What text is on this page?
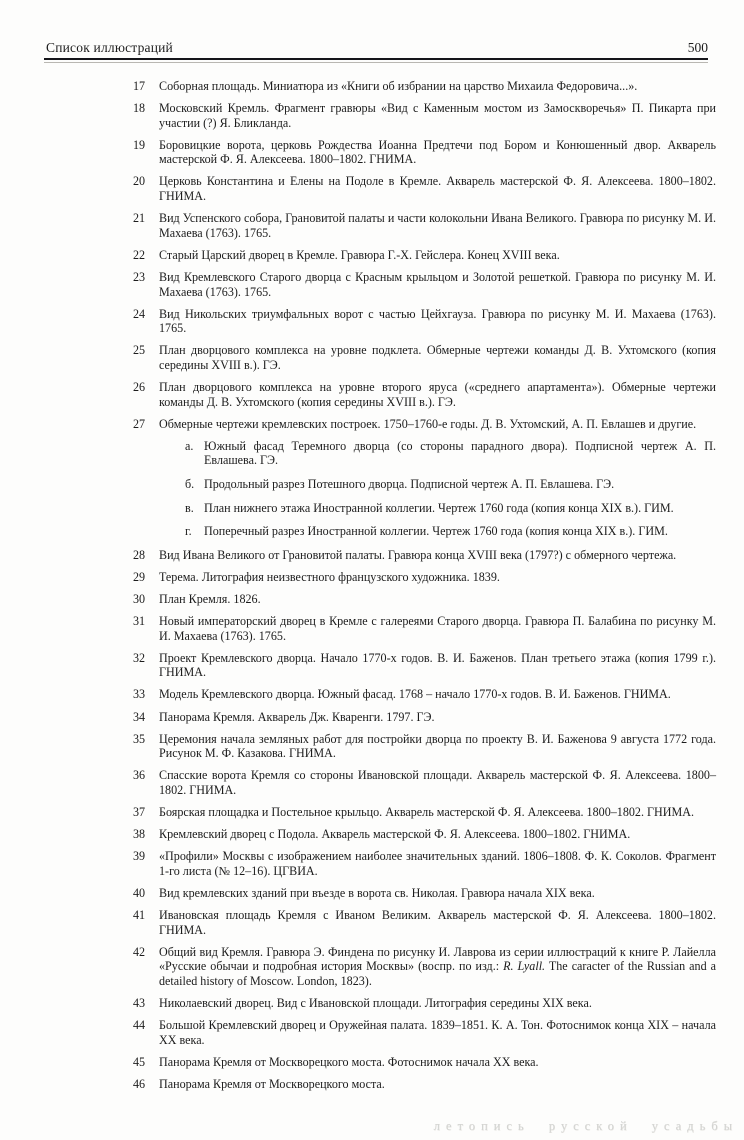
Список иллюстраций	500
17	Соборная площадь. Миниатюра из «Книги об избрании на царство Михаила Федоровича...».
18	Московский Кремль. Фрагмент гравюры «Вид с Каменным мостом из Замоскворечья» П. Пикарта при участии (?) Я. Бликланда.
19	Боровицкие ворота, церковь Рождества Иоанна Предтечи под Бором и Конюшенный двор. Акварель мастерской Ф. Я. Алексеева. 1800–1802. ГНИМА.
20	Церковь Константина и Елены на Подоле в Кремле. Акварель мастерской Ф. Я. Алексеева. 1800–1802. ГНИМА.
21	Вид Успенского собора, Грановитой палаты и части колокольни Ивана Великого. Гравюра по рисунку М. И. Махаева (1763). 1765.
22	Старый Царский дворец в Кремле. Гравюра Г.-Х. Гейслера. Конец XVIII века.
23	Вид Кремлевского Старого дворца с Красным крыльцом и Золотой решеткой. Гравюра по рисунку М. И. Махаева (1763). 1765.
24	Вид Никольских триумфальных ворот с частью Цейхгауза. Гравюра по рисунку М. И. Махаева (1763). 1765.
25	План дворцового комплекса на уровне подклета. Обмерные чертежи команды Д. В. Ухтомского (копия середины XVIII в.). ГЭ.
26	План дворцового комплекса на уровне второго яруса («среднего апартамента»). Обмерные чертежи команды Д. В. Ухтомского (копия середины XVIII в.). ГЭ.
27	Обмерные чертежи кремлевских построек. 1750–1760-е годы. Д. В. Ухтомский, А. П. Евлашев и другие.
а. Южный фасад Теремного дворца (со стороны парадного двора). Подписной чертеж А. П. Евлашева. ГЭ.
б. Продольный разрез Потешного дворца. Подписной чертеж А. П. Евлашева. ГЭ.
в. План нижнего этажа Иностранной коллегии. Чертеж 1760 года (копия конца XIX в.). ГИМ.
г.	Поперечный разрез Иностранной коллегии. Чертеж 1760 года (копия конца XIX в.). ГИМ.
28	Вид Ивана Великого от Грановитой палаты. Гравюра конца XVIII века (1797?) с обмерного чертежа.
29	Терема. Литография неизвестного французского художника. 1839.
30	План Кремля. 1826.
31	Новый императорский дворец в Кремле с галереями Старого дворца. Гравюра П. Балабина по рисунку М. И. Махаева (1763). 1765.
32	Проект Кремлевского дворца. Начало 1770-х годов. В. И. Баженов. План третьего этажа (копия 1799 г.). ГНИМА.
33	Модель Кремлевского дворца. Южный фасад. 1768 – начало 1770-х годов. В. И. Баженов. ГНИМА.
34	Панорама Кремля. Акварель Дж. Кваренги. 1797. ГЭ.
35	Церемония начала земляных работ для постройки дворца по проекту В. И. Баженова 9 августа 1772 года. Рисунок М. Ф. Казакова. ГНИМА.
36	Спасские ворота Кремля со стороны Ивановской площади. Акварель мастерской Ф. Я. Алексеева. 1800–1802. ГНИМА.
37	Боярская площадка и Постельное крыльцо. Акварель мастерской Ф. Я. Алексеева. 1800–1802. ГНИМА.
38	Кремлевский дворец с Подола. Акварель мастерской Ф. Я. Алексеева. 1800–1802. ГНИМА.
39	«Профили» Москвы с изображением наиболее значительных зданий. 1806–1808. Ф. К. Соколов. Фрагмент 1-го листа (№ 12–16). ЦГВИА.
40	Вид кремлевских зданий при въезде в ворота св. Николая. Гравюра начала XIX века.
41	Ивановская площадь Кремля с Иваном Великим. Акварель мастерской Ф. Я. Алексеева. 1800–1802. ГНИМА.
42	Общий вид Кремля. Гравюра Э. Финдена по рисунку И. Лаврова из серии иллюстраций к книге Р. Лайелла «Русские обычаи и подробная история Москвы» (воспр. по изд.: R. Lyall. The caracter of the Russian and a detailed history of Moscow. London, 1823).
43	Николаевский дворец. Вид с Ивановской площади. Литография середины XIX века.
44	Большой Кремлевский дворец и Оружейная палата. 1839–1851. К. А. Тон. Фотоснимок конца XIX – начала XX века.
45	Панорама Кремля от Москворецкого моста. Фотоснимок начала XX века.
46	Панорама Кремля от Москворецкого моста.
летопись русской усадьбы
